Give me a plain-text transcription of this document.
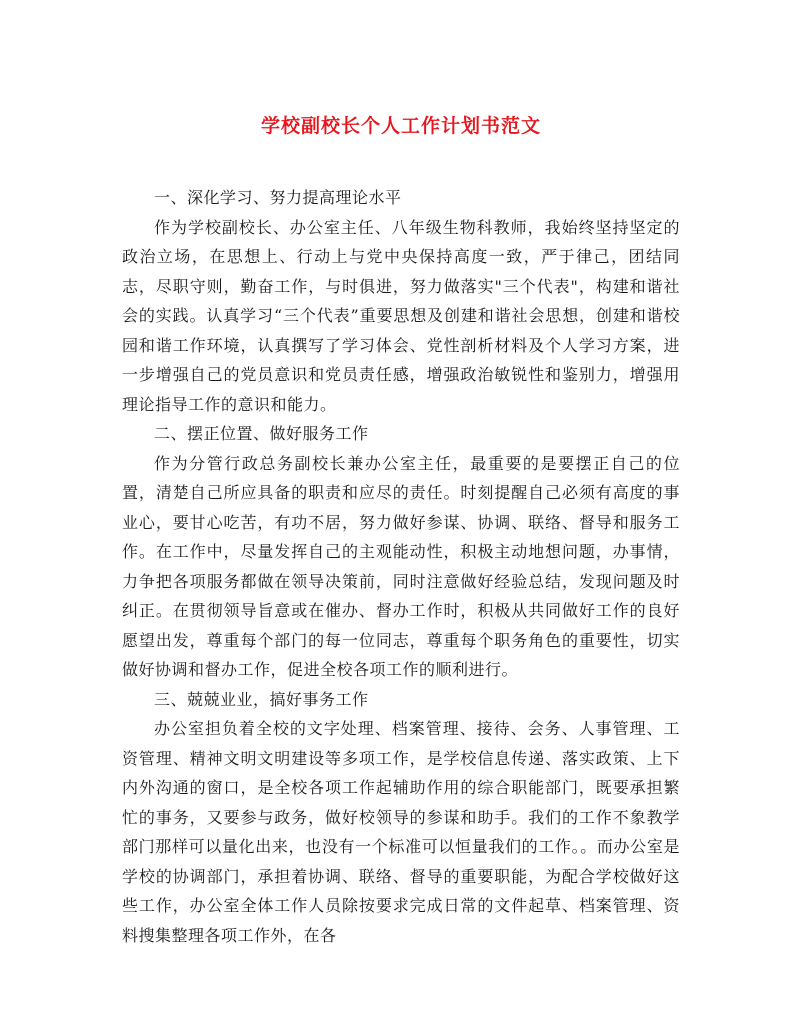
学校副校长个人工作计划书范文

一、深化学习、努力提高理论水平

作为学校副校长、办公室主任、八年级生物科教师，我始终坚持坚定的政治立场，在思想上、行动上与党中央保持高度一致，严于律己，团结同志，尽职守则，勤奋工作，与时俱进，努力做落实"三个代表"，构建和谐社会的实践。认真学习“三个代表”重要思想及创建和谐社会思想，创建和谐校园和谐工作环境，认真撰写了学习体会、党性剖析材料及个人学习方案，进一步增强自己的党员意识和党员责任感，增强政治敏锐性和鉴别力，增强用理论指导工作的意识和能力。

二、摆正位置、做好服务工作

作为分管行政总务副校长兼办公室主任，最重要的是要摆正自己的位置，清楚自己所应具备的职责和应尽的责任。时刻提醒自己必须有高度的事业心，要甘心吃苦，有功不居，努力做好参谋、协调、联络、督导和服务工作。在工作中，尽量发挥自己的主观能动性，积极主动地想问题，办事情，力争把各项服务都做在领导决策前，同时注意做好经验总结，发现问题及时纠正。在贯彻领导旨意或在催办、督办工作时，积极从共同做好工作的良好愿望出发，尊重每个部门的每一位同志，尊重每个职务角色的重要性，切实做好协调和督办工作，促进全校各项工作的顺利进行。

三、兢兢业业，搞好事务工作

办公室担负着全校的文字处理、档案管理、接待、会务、人事管理、工资管理、精神文明文明建设等多项工作，是学校信息传递、落实政策、上下内外沟通的窗口，是全校各项工作起辅助作用的综合职能部门，既要承担繁忙的事务，又要参与政务，做好校领导的参谋和助手。我们的工作不象教学部门那样可以量化出来，也没有一个标准可以恒量我们的工作。。而办公室是学校的协调部门，承担着协调、联络、督导的重要职能，为配合学校做好这些工作，办公室全体工作人员除按要求完成日常的文件起草、档案管理、资料搜集整理各项工作外，在各
